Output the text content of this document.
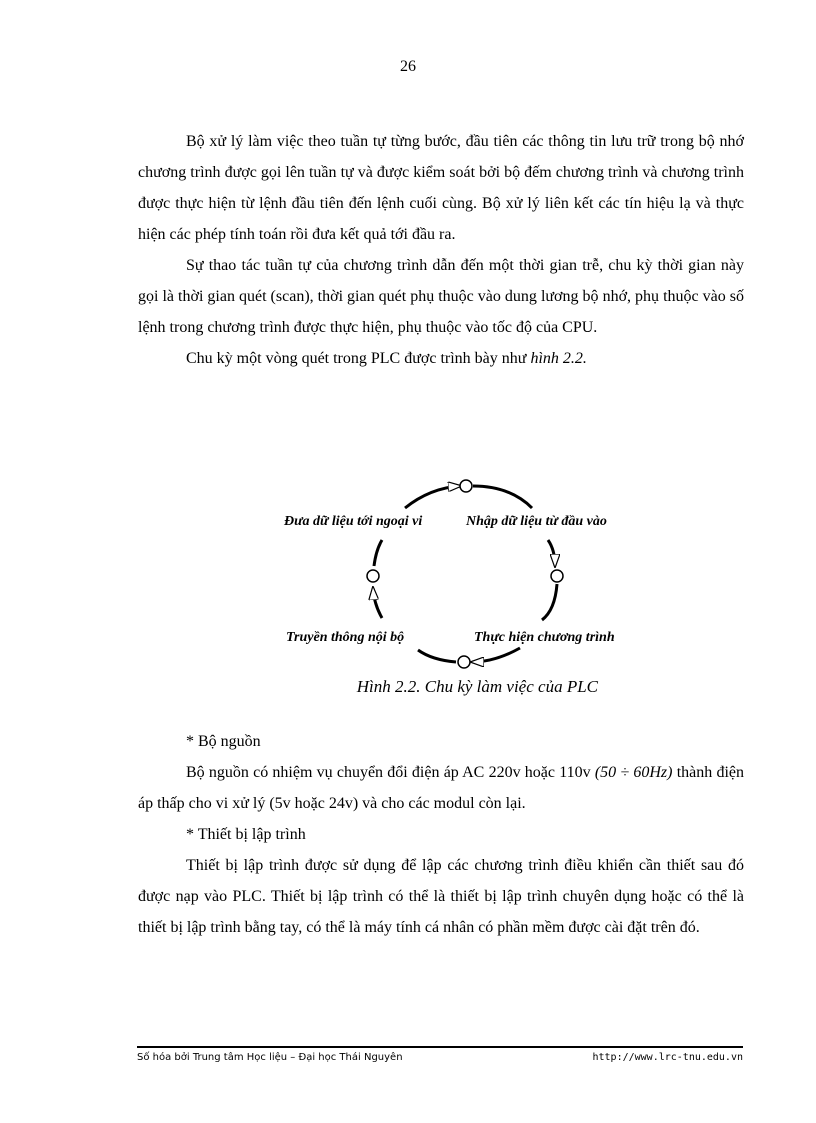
26

Bộ xử lý làm việc theo tuần tự từng bước, đầu tiên các thông tin lưu trữ trong bộ nhớ chương trình được gọi lên tuần tự và được kiểm soát bởi bộ đếm chương trình và chương trình được thực hiện từ lệnh đầu tiên đến lệnh cuối cùng. Bộ xử lý liên kết các tín hiệu lạ và thực hiện các phép tính toán rồi đưa kết quả tới đầu ra.

Sự thao tác tuần tự của chương trình dẫn đến một thời gian trễ, chu kỳ thời gian này gọi là thời gian quét (scan), thời gian quét phụ thuộc vào dung lương bộ nhớ, phụ thuộc vào số lệnh trong chương trình được thực hiện, phụ thuộc vào tốc độ của CPU.

Chu kỳ một vòng quét trong PLC được trình bày như hình 2.2.

Đưa dữ liệu tới ngoại vi	Nhập dữ liệu từ đầu vào
Truyền thông nội bộ	Thực hiện chương trình
Hình 2.2. Chu kỳ làm việc của PLC

* Bộ nguồn

Bộ nguồn có nhiệm vụ chuyển đổi điện áp AC 220v hoặc 110v (50 ÷ 60Hz) thành điện áp thấp cho vi xử lý (5v hoặc 24v) và cho các modul còn lại.

* Thiết bị lập trình

Thiết bị lập trình được sử dụng để lập các chương trình điều khiển cần thiết sau đó được nạp vào PLC. Thiết bị lập trình có thể là thiết bị lập trình chuyên dụng hoặc có thể là thiết bị lập trình bằng tay, có thể là máy tính cá nhân có phần mềm được cài đặt trên đó.

Số hóa bởi Trung tâm Học liệu – Đại học Thái Nguyên	http://www.lrc-tnu.edu.vn
